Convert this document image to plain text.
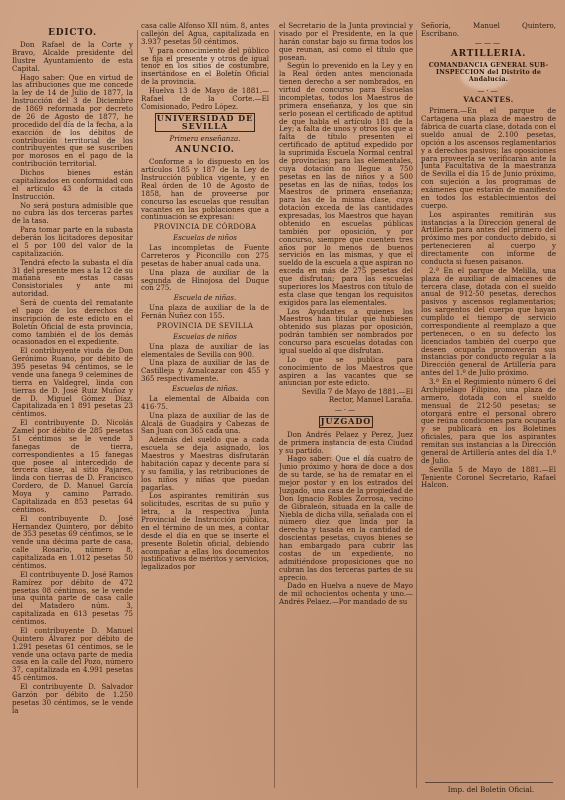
EDICTO.

Don Rafael de la Corte y Bravo, Alcalde presidente del Ilustre Ayuntamiento de esta Capital.

Hago saber: Que en virtud de las atribuciones que me concede la ley de 14 de Julio de 1877, la Instrucción del 3 de Diciembre de 1869 reformada por decreto de 26 de Agosto de 1877, he procedido del día de la fecha, a la exacción de los débitos de contribución territorial de los contribuyentes que se suscriben por morosos en el pago de la contribución territorial.

Dichos bienes están capitalizados en conformidad con el artículo 43 de la citada Instrucción.

No será postura admisible que no cubra las dos terceras partes de la tasa.

Para tomar parte en la subasta deberán los licitadores depositar el 5 por 100 del valor de la capitalización.

Tendrá efecto la subasta el día 31 del presente mes a la 12 de su mañana en estas casas Consistoriales y ante mi autoridad.

Será de cuenta del rematante el pago de los derechos de inscripción de este edicto en el Boletín Oficial de esta provincia, como también el de los demás ocasionados en el expediente.

El contribuyente viuda de Don Gerónimo Ruano, por débito de 395 pesetas 94 céntimos, se le vende una fanega 9 celemines de tierra en Valdegrel, linda con tierras de D. José Ruiz Muñoz y de D. Miguel Gómez Díaz. Capitalizada en 1 891 pesetas 23 céntimos.

El contribuyente D. Nicolás Zamel por débito de 285 pesetas 51 céntimos se le vende 3 fanegas de tierra, correspondientes a 15 fanegas que posee al intercedido de tercera clase, al sitio Pajares, linda con tierras de D. Francisco Cordero, de D. Manuel García Moya y camino Parrado. Capitalizada en 853 pesetas 64 céntimos.

El contribuyente D. José Hernandez Quintero, por débito de 353 pesetas 69 céntimos, se le vende una décima parte de casa, calle Rosario, número 8, capitalizada en 1.012 pesetas 50 céntimos.

El contribuyente D. José Ramos Ramírez por débito de 472 pesetas 08 céntimos, se le vende una quinta parte de casa calle del Matadero núm. 3, capitalizada en 613 pesetas 75 céntimos.

El contribuyente D. Manuel Quintero Álvarez por débito de 1.291 pesetas 61 céntimos, se le vende una octava parte de media casa en la calle del Pozo, número 37, capitalizada en 4.991 pesetas 45 céntimos.

El contribuyente D. Salvador Garzón por débito de 1.250 pesetas 30 céntimos, se le vende la

casa calle Alfonso XII núm. 8, antes callejón del Agua, capitalizada en 3.937 pesetas 50 céntimos.

Y para conocimiento del público se fija el presente y otros de igual tenor en los sitios de costumbre, insertándose en el Boletín Oficial de la provincia.

Huelva 13 de Mayo de 1881.—Rafael de la Corte.—El Comisionado, Pedro López.

UNIVERSIDAD DE SEVILLA

Primera enseñanza.

ANUNCIO.

Conforme a lo dispuesto en los artículos 185 y 187 de la Ley de Instrucción pública vigente, y en Real órden de 10 de Agosto de 1858, han de proveerse por concurso las escuelas que resultan vacantes en las poblaciones que a continuación se expresan:

PROVINCIA DE CÓRDOBA

Escuelas de niños

Las incompletas de Fuente Carreteros y Piconcillo con 275 pesetas de haber anual cada una.

Una plaza de auxiliar de la segunda de Hinojosa del Duque con 275.

Escuela de niñas.

Una plaza de auxiliar de la de Fernán Nuñez con 155.

PROVINCIA DE SEVILLA

Escuelas de niños

Una plaza de auxiliar de las elementales de Sevilla con 900.

Una plaza de auxiliar de las de Castilleja y Aznalcazar con 455 y 365 respectivamente.

Escuelas de niñas.

La elemental de Albaida con 416·75.

Una plaza de auxiliar de las de Alcalá de Guadaira y Cabezas de San Juan con 365 cada una.

Además del sueldo que a cada escuela se deja asignado, los Maestros y Maestras disfrutarán habitación capaz y decente para sí y su familia, y las retribuciones de los niños y niñas que puedan pagarlas.

Los aspirantes remitirán sus solicitudes, escritas de su puño y letra, a la respectiva Junta Provincial de Instrucción pública, en el término de un mes, a contar desde el día en que se inserte el presente Boletín oficial, debiendo acompañar a ellas los documentos justificativos de méritos y servicios, legalizados por

el Secretario de la Junta provincial y visado por el Presidente, en la que harán constar bajo su firma todos los que reunan, así como el título que posean.

Según lo prevenido en la Ley y en la Real órden antes mencionada tienen derecho a ser nombrados, en virtud de concurso para Escuelas incompletas, todos los Maestros de primera enseñanza, y los que sin serlo posean el certificado de aptitud de que habla el artículo 181 de la Ley; a falta de unos y otros los que a falta de título presenten el certificado de aptitud expedido por la suprimida Escuela Normal central de provincias; para las elementales, cuya dotación no llegue a 750 pesetas en las de niños y a 500 pesetas en las de niñas, todos los Maestros de primera enseñanza; para las de la misma clase, cuya dotación exceda de las cantidades expresadas, los Maestros que hayan obtenido en escuelas públicas también por oposición, y por concurso, siempre que cuenten tres años por lo menos de buenos servicios en las mismas, y que el sueldo de la escuela a que aspiran no exceda en más de 275 pesetas del que disfrutan; para las escuelas superiores los Maestros con título de esta clase que tengan los requisitos exigidos para las elementales.

Los Ayudantes a quienes los Maestros han titular que hubiesen obtenido sus plazas por oposición, podrán también ser nombrados por concurso para escuelas dotadas con igual sueldo al que disfrutan.

Lo que se publica para conocimiento de los Maestros que aspiren a las vacantes que se anuncian por este edicto.

Sevilla 7 de Mayo de 1881.—El Rector, Manuel Laraña.

—·—

JUZGADO

Don Andrés Pelaez y Perez, Juez de primera instancia de esta Ciudad y su partido.

Hago saber: Que el día cuatro de Junio próximo y hora de doce a dos de su tarde, se ha de rematar en el mejor postor y en los estrados del Juzgado, una casa de la propiedad de Don Ignacio Robles Zorrosa, vecino de Gibraleón, situada en la calle de Niebla de dicha villa, señalada con el número diez que linda por la derecha y tasada en la cantidad de doscientas pesetas, cuyos bienes se han embargado para cubrir las costas de un expediente, no admitiéndose proposiciones que no cubran las dos terceras partes de su aprecio.

Dado en Huelva a nueve de Mayo de mil ochocientos ochenta y uno.—Andrés Pelaez.—Por mandado de su

Señoría, Manuel Quintero, Escribano.

———

ARTILLERIA.

COMANDANCIA GENERAL SUB-INSPECCION del Distrito de Andalucía.

—·—

VACANTES.

Primera.—En el parque de Cartagena una plaza de maestro de fábrica de cuarta clase, dotada con el sueldo anual de 2.100 pesetas, opción a los ascensos reglamentarios y a derechos pasivos; las oposiciones para proveerla se verificarán ante la Junta Facultativa de la maestranza de Sevilla el día 15 de Junio próximo, con sujeción a los programas de exámenes que estarán de manifiesto en todos los establecimientos del cuerpo.

Los aspirantes remitirán sus instancias a la Dirección general de Artillería para antes del primero del próximo mes por conducto debido, si pertenecieren al cuerpo y directamente con informe de conducta si fuesen paisanos.

2.ª En el parque de Melilla, una plaza de auxiliar de almacenes de tercera clase, dotada con el sueldo anual de 912·50 pesetas, derechos pasivos y ascensos reglamentarios; los sargentos del cuerpo que hayan cumplido el tiempo de servicio correspondiente al reemplazo a que pertenecen, o en su defecto los licenciados también del cuerpo que deseen ocuparla promoverán sus instancias por conducto regular a la Dirección general de Artillería para antes del 1.º de Julio próximo.

3.ª En el Regimiento número 6 del Archipiélago Filipino, una plaza de armero, dotada con el sueldo mensual de 212·50 pesetas; se otorgará entre el personal obrero que reúna condiciones para ocuparla y se publicará en los Boletines oficiales, para que los aspirantes remitan sus instancias a la Dirección general de Artillería antes del día 1.º de Julio.

Sevilla 5 de Mayo de 1881.—El Teniente Coronel Secretario, Rafael Halcon.

Imp. del Boletín Oficial.
